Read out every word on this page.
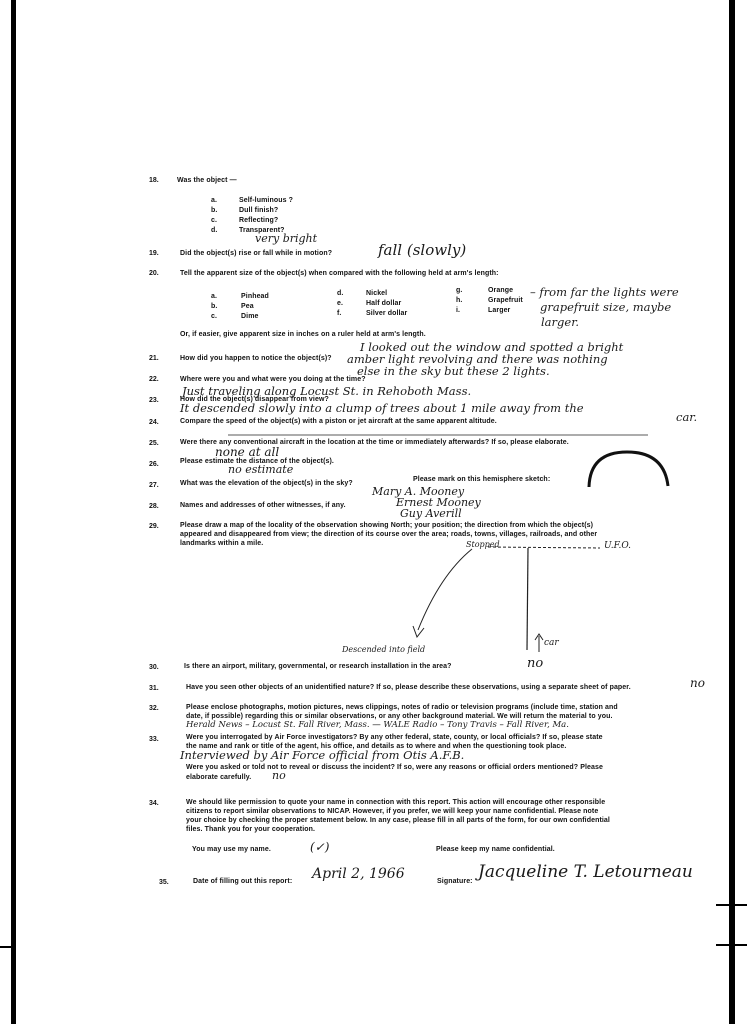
18.	Was the object —
a.	Self-luminous ?
b.	Dull finish?
c.	Reflecting?
d.	Transparent?
very bright
19.	Did the object(s) rise or fall while in motion?	fall (slowly)
20.	Tell the apparent size of the object(s) when compared with the following held at arm's length:
a.	Pinhead
b.	Pea
c.	Dime
d.	Nickel
e.	Half dollar
f.	Silver dollar
g.	Orange
h.	Grapefruit
i.	Larger
– from far the lights were
grapefruit size, maybe
larger.
Or, if easier, give apparent size in inches on a ruler held at arm's length.
21.	How did you happen to notice the object(s)?
I looked out the window and spotted a bright
amber light revolving and there was nothing
else in the sky but these 2 lights.
22.	Where were you and what were you doing at the time?
Just traveling along Locust St. in Rehoboth Mass.
23.	How did the object(s) disappear from view?
It descended slowly into a clump of trees about 1 mile away from the
car.
24.	Compare the speed of the object(s) with a piston or jet aircraft at the same apparent altitude.
25.	Were there any conventional aircraft in the location at the time or immediately afterwards? If so, please elaborate.
none at all
26.	Please estimate the distance of the object(s).
no estimate
27.	What was the elevation of the object(s) in the sky?
Please mark on this hemisphere sketch:
28.	Names and addresses of other witnesses, if any.
Mary A. Mooney
Ernest Mooney
Guy Averill
29.	Please draw a map of the locality of the observation showing North; your position; the direction from which the object(s)
appeared and disappeared from view; the direction of its course over the area; roads, towns, villages, railroads, and other
landmarks within a mile.
30.	Is there an airport, military, governmental, or research installation in the area?	no
31.	Have you seen other objects of an unidentified nature? If so, please describe these observations, using a separate sheet of paper.	no
32.	Please enclose photographs, motion pictures, news clippings, notes of radio or television programs (include time, station and
date, if possible) regarding this or similar observations, or any other background material. We will return the material to you.
Herald News – Locust St. Fall River, Mass. — WALE Radio – Tony Travis – Fall River, Ma.
33.	Were you interrogated by Air Force investigators? By any other federal, state, county, or local officials? If so, please state
the name and rank or title of the agent, his office, and details as to where and when the questioning took place.
Interviewed by Air Force official from Otis A.F.B.
Were you asked or told not to reveal or discuss the incident? If so, were any reasons or official orders mentioned? Please
elaborate carefully. no
34.	We should like permission to quote your name in connection with this report. This action will encourage other responsible
citizens to report similar observations to NICAP. However, if you prefer, we will keep your name confidential. Please note
your choice by checking the proper statement below. In any case, please fill in all parts of the form, for our own confidential
files. Thank you for your cooperation.
You may use my name.	(✓)	Please keep my name confidential.
35.	Date of filling out this report: April 2, 1966	Signature: Jacqueline T. Letourneau
Stopped	U.F.O.
Descended into field
car
